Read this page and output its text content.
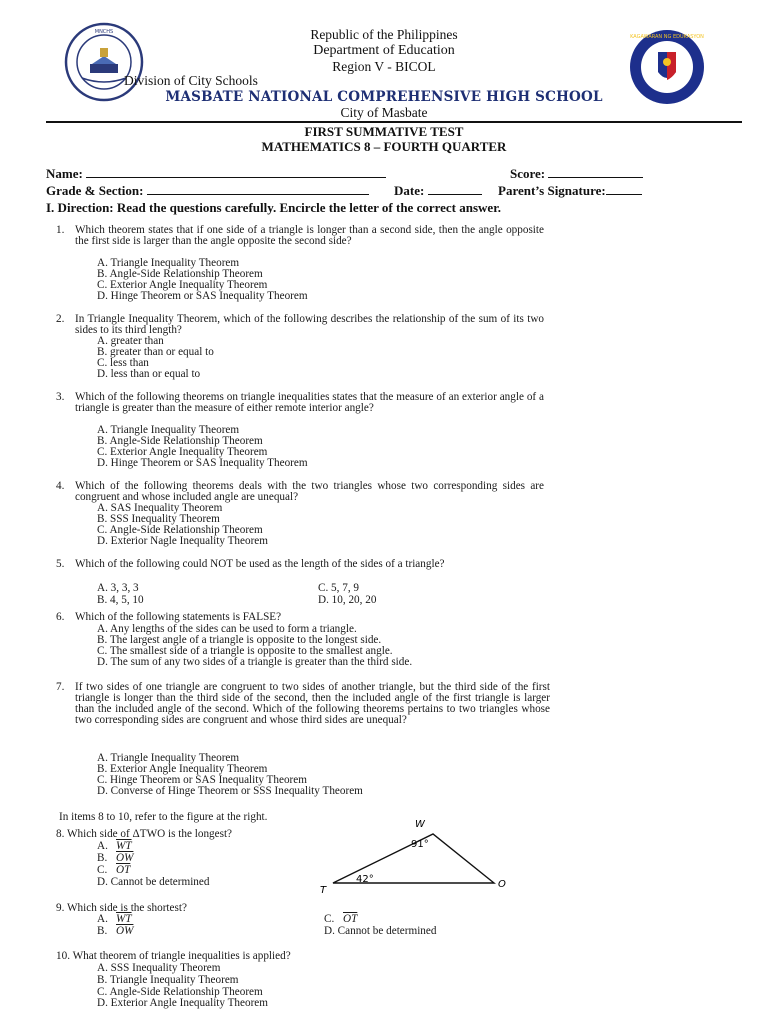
MNCHS
KAGAWARAN NG EDUKASYON
Republic of the Philippines
Department of Education
Region V - BICOL
Division of City Schools
MASBATE NATIONAL COMPREHENSIVE HIGH SCHOOL
City of Masbate
FIRST SUMMATIVE TEST
MATHEMATICS 8 – FOURTH QUARTER
Name:	Score:
Grade & Section:	Date:	Parent’s Signature:
I. Direction: Read the questions carefully. Encircle the letter of the correct answer.
1. Which theorem states that if one side of a triangle is longer than a second side, then the angle opposite the first side is larger than the angle opposite the second side?
A. Triangle Inequality Theorem
B. Angle-Side Relationship Theorem
C. Exterior Angle Inequality Theorem
D. Hinge Theorem or SAS Inequality Theorem
2. In Triangle Inequality Theorem, which of the following describes the relationship of the sum of its two sides to its third length?
A. greater than
B. greater than or equal to
C. less than
D. less than or equal to
3. Which of the following theorems on triangle inequalities states that the measure of an exterior angle of a triangle is greater than the measure of either remote interior angle?
A. Triangle Inequality Theorem
B. Angle-Side Relationship Theorem
C. Exterior Angle Inequality Theorem
D. Hinge Theorem or SAS Inequality Theorem
4. Which of the following theorems deals with the two triangles whose two corresponding sides are congruent and whose included angle are unequal?
A. SAS Inequality Theorem
B. SSS Inequality Theorem
C. Angle-Side Relationship Theorem
D. Exterior Nagle Inequality Theorem
5. Which of the following could NOT be used as the length of the sides of a triangle?
A. 3, 3, 3
B. 4, 5, 10
C. 5, 7, 9
D. 10, 20, 20
6. Which of the following statements is FALSE?
A. Any lengths of the sides can be used to form a triangle.
B. The largest angle of a triangle is opposite to the longest side.
C. The smallest side of a triangle is opposite to the smallest angle.
D. The sum of any two sides of a triangle is greater than the third side.
7. If two sides of one triangle are congruent to two sides of another triangle, but the third side of the first triangle is longer than the third side of the second, then the included angle of the first triangle is larger than the included angle of the second. Which of the following theorems pertains to two triangles whose two corresponding sides are congruent and whose third sides are unequal?
A. Triangle Inequality Theorem
B. Exterior Angle Inequality Theorem
C. Hinge Theorem or SAS Inequality Theorem
D. Converse of Hinge Theorem or SSS Inequality Theorem
In items 8 to 10, refer to the figure at the right.
8. Which side of ΔTWO is the longest?
A. $\overline{WT}$
B. $\overline{OW}$
C. $\overline{OT}$
D. Cannot be determined
W
T
O
91°
42°
9. Which side is the shortest?
A. $\overline{WT}$
B. $\overline{OW}$
C. $\overline{OT}$
D. Cannot be determined
10. What theorem of triangle inequalities is applied?
A. SSS Inequality Theorem
B. Triangle Inequality Theorem
C. Angle-Side Relationship Theorem
D. Exterior Angle Inequality Theorem
